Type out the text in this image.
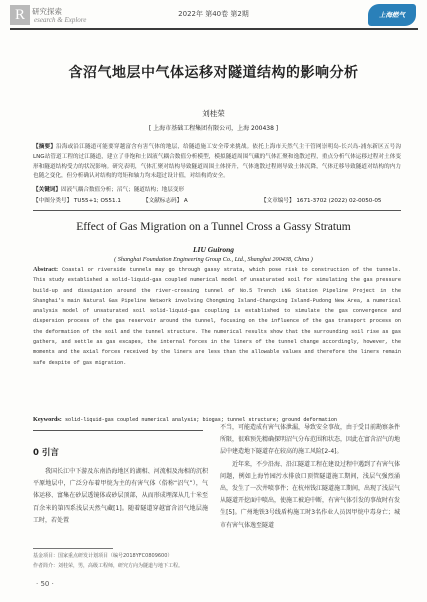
R 研究探索
esearch & Explore
2022年 第40卷 第2期	上海燃气
含沼气地层中气体运移对隧道结构的影响分析
刘桂荣
[ 上海市基础工程集团有限公司，上海 200438 ]
【摘要】沿海或沿江隧道可能要穿越富含有害气体的地层，给隧道施工安全带来挑战。依托上海市天然气主干管网崇明岛-长兴岛-浦东新区五号沟LNG站管道工程的过江隧道，建立了非饱和土固液气耦合数值分析模型，模拟隧道周围气藏的气体汇聚和逸散过程，重点分析气体运移过程对土体变形和隧道结构受力的状况影响。研究表明，气体汇聚对结构导致隧道周围土体挤升，气体逸散过程则导致土体沉降，气体迁移导致隧道对结构的内力也随之变化，但分析确认对结构的弯矩和轴力均未超过设计值，对结构尚安全。
【关键词】固液气耦合数值分析；沼气；隧道结构；地层变形
【中图分类号】 TU55+1; O551.1	【文献标志码】 A	【文章编号】 1671-3702 (2022) 02-0050-05
Effect of Gas Migration on a Tunnel Cross a Gassy Stratum
LIU Guirong
( Shanghai Foundation Engineering Group Co., Ltd., Shanghai 200438, China )
Abstract: Coastal or riverside tunnels may go through gassy strata, which pose risk to construction of the tunnels. This study established a solid-liquid-gas coupled numerical model of unsaturated soil for simulating the gas pressure build-up and dissipation around the river-crossing tunnel of No.5 Trench LNG Station Pipeline Project in the Shanghai's main Natural Gas Pipeline Network involving Chongming Island-Changxing Island-Pudong New Area, a numerical analysis model of unsaturated soil solid-liquid-gas coupling is established to simulate the gas convergence and dispersion process of the gas reservoir around the tunnel, focusing on the influence of the gas transport process on the deformation of the soil and the tunnel structure. The numerical results show that the surrounding soil rise as gas gathers, and settle as gas escapes, the internal forces in the liners of the tunnel change accordingly, however, the moments and the axial forces received by the liners are less than the allowable values and therefore the liners remain safe despite of gas migration.
Keywords: solid-liquid-gas coupled numerical analysis; biogas; tunnel structure; ground deformation
0 引言
我国长江中下游及东南沿海地区的湖相、河流相及海相的沉积平原地层中，广泛分布着甲烷为主的有害气体（俗称“沼气”），气体运移、富集在砂层透镜体或砂层顶部，从而形成埋深从几十米至百余米的第四系浅层天然气藏[1]。随着隧道穿越富含沼气地层施工时，若处置

不当，可能造成有害气体泄漏，导致安全事故，由于受目前勘察条件所限，很难预先精确探明沼气分布范围和状态，因此在富含沼气的地层中建造地下隧道存在较高的施工风险[2-4]。

近年来，不少沿海、沿江隧道工程在建设过程中遇到了有害气体问题，例如上海竹园污水排放口顶管隧道施工期间，浅层气强烈涌出，发生了一次井喷事件；在杭州钱江隧道施工期间，出现了浅层气从隧道开挖面中喷出，使施工被迫中断，有害气体引发的事故时有发生[5]。广州地铁3号线盾构施工时3名作业人员因甲烷中毒身亡；城市有害气体逸至隧道

基金项目：国家重点研发计划项目（编号2018YFC0809600）
作者简介：刘桂荣，男，高级工程师，研究方向为隧道与地下工程。
· 50 ·
